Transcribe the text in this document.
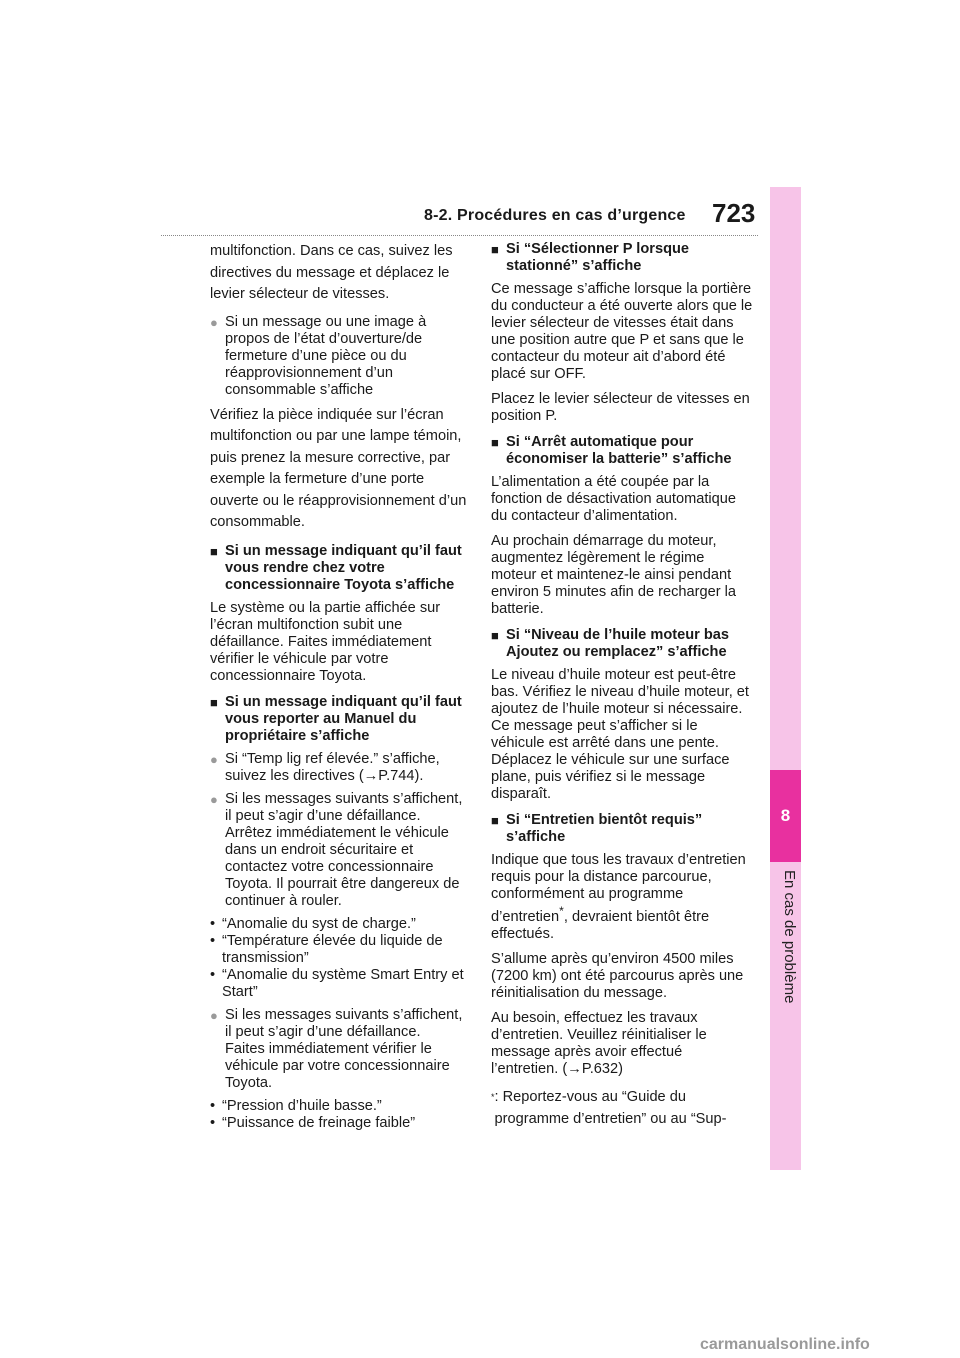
8-2. Procédures en cas d’urgence 723
8
En cas de problème

multifonction. Dans ce cas, suivez les directives du message et déplacez le levier sélecteur de vitesses.

● Si un message ou une image à propos de l’état d’ouverture/de fermeture d’une pièce ou du réapprovisionnement d’un consommable s’affiche

Vérifiez la pièce indiquée sur l’écran multifonction ou par une lampe témoin, puis prenez la mesure corrective, par exemple la fermeture d’une porte ouverte ou le réapprovisionnement d’un consommable.

■ Si un message indiquant qu’il faut vous rendre chez votre concessionnaire Toyota s’affiche

Le système ou la partie affichée sur l’écran multifonction subit une défaillance. Faites immédiatement vérifier le véhicule par votre concessionnaire Toyota.

■ Si un message indiquant qu’il faut vous reporter au Manuel du propriétaire s’affiche
● Si “Temp lig ref élevée.” s’affiche, suivez les directives (→P.744).
● Si les messages suivants s’affichent, il peut s’agir d’une défaillance.
Arrêtez immédiatement le véhicule dans un endroit sécuritaire et contactez votre concessionnaire Toyota. Il pourrait être dangereux de continuer à rouler.
• “Anomalie du syst de charge.”
• “Température élevée du liquide de transmission”
• “Anomalie du système Smart Entry et Start”
● Si les messages suivants s’affichent, il peut s’agir d’une défaillance.
Faites immédiatement vérifier le véhicule par votre concessionnaire Toyota.
• “Pression d’huile basse.”
• “Puissance de freinage faible”
■ Si “Sélectionner P lorsque stationné” s’affiche

Ce message s’affiche lorsque la portière du conducteur a été ouverte alors que le levier sélecteur de vitesses était dans une position autre que P et sans que le contacteur du moteur ait d’abord été placé sur OFF.

Placez le levier sélecteur de vitesses en position P.

■ Si “Arrêt automatique pour économiser la batterie” s’affiche

L’alimentation a été coupée par la fonction de désactivation automatique du contacteur d’alimentation.

Au prochain démarrage du moteur, augmentez légèrement le régime moteur et maintenez-le ainsi pendant environ 5 minutes afin de recharger la batterie.

■ Si “Niveau de l’huile moteur bas Ajoutez ou remplacez” s’affiche

Le niveau d’huile moteur est peut-être bas. Vérifiez le niveau d’huile moteur, et ajoutez de l’huile moteur si nécessaire. Ce message peut s’afficher si le véhicule est arrêté dans une pente. Déplacez le véhicule sur une surface plane, puis vérifiez si le message disparaît.

■ Si “Entretien bientôt requis” s’affiche

Indique que tous les travaux d’entretien requis pour la distance parcourue, conformément au programme d’entretien*, devraient bientôt être effectués.

S’allume après qu’environ 4500 miles (7200 km) ont été parcourus après une réinitialisation du message.

Au besoin, effectuez les travaux d’entretien. Veuillez réinitialiser le message après avoir effectué l’entretien. (→P.632)

* : Reportez-vous au “Guide du programme d’entretien” ou au “Sup-
carmanualsonline.info
